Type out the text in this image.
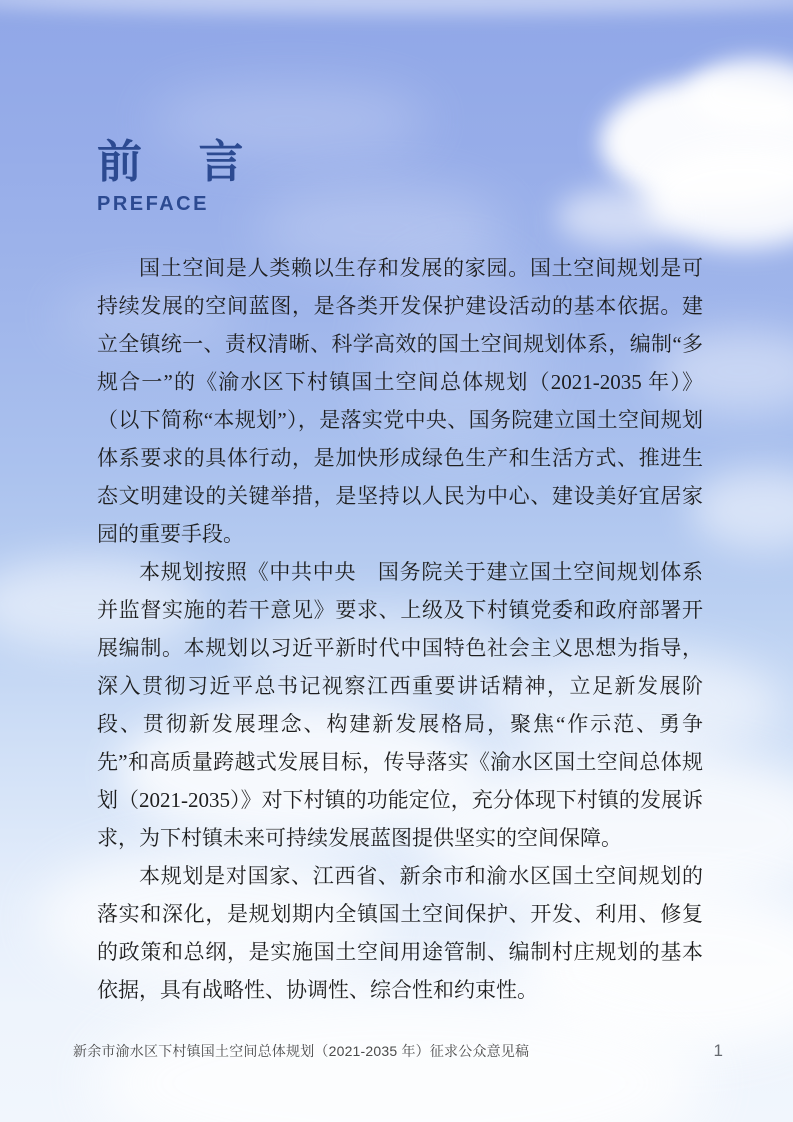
前 言
PREFACE

国土空间是人类赖以生存和发展的家园。国土空间规划是可持续发展的空间蓝图，是各类开发保护建设活动的基本依据。建立全镇统一、责权清晰、科学高效的国土空间规划体系，编制“多规合一”的《渝水区下村镇国土空间总体规划（2021-2035 年）》（以下简称“本规划”），是落实党中央、国务院建立国土空间规划体系要求的具体行动，是加快形成绿色生产和生活方式、推进生态文明建设的关键举措，是坚持以人民为中心、建设美好宜居家园的重要手段。

本规划按照《中共中央　国务院关于建立国土空间规划体系并监督实施的若干意见》要求、上级及下村镇党委和政府部署开展编制。本规划以习近平新时代中国特色社会主义思想为指导，深入贯彻习近平总书记视察江西重要讲话精神，立足新发展阶段、贯彻新发展理念、构建新发展格局，聚焦“作示范、勇争先”和高质量跨越式发展目标，传导落实《渝水区国土空间总体规划（2021-2035）》对下村镇的功能定位，充分体现下村镇的发展诉求，为下村镇未来可持续发展蓝图提供坚实的空间保障。

本规划是对国家、江西省、新余市和渝水区国土空间规划的落实和深化，是规划期内全镇国土空间保护、开发、利用、修复的政策和总纲，是实施国土空间用途管制、编制村庄规划的基本依据，具有战略性、协调性、综合性和约束性。

新余市渝水区下村镇国土空间总体规划（2021-2035 年）征求公众意见稿	1
